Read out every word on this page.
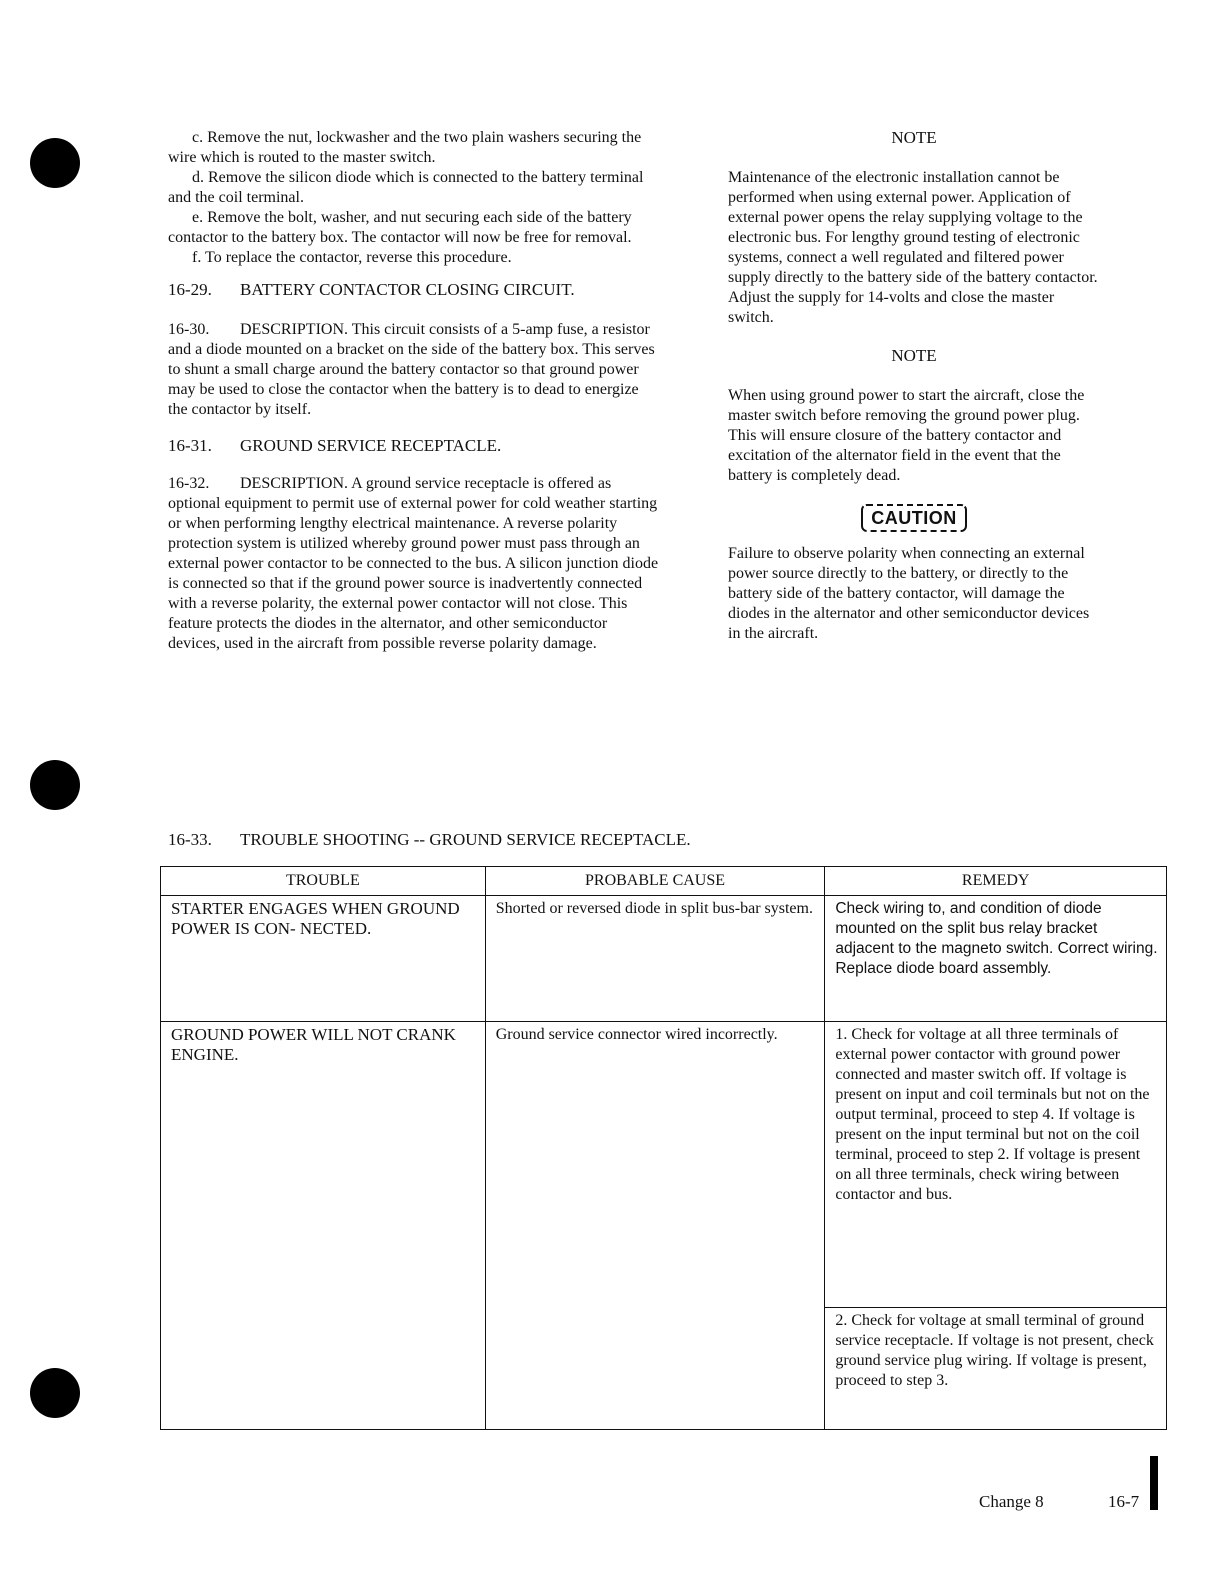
c. Remove the nut, lockwasher and the two plain washers securing the wire which is routed to the master switch.

d. Remove the silicon diode which is connected to the battery terminal and the coil terminal.

e. Remove the bolt, washer, and nut securing each side of the battery contactor to the battery box. The contactor will now be free for removal.

f. To replace the contactor, reverse this procedure.

16-29. BATTERY CONTACTOR CLOSING CIRCUIT.

16-30. DESCRIPTION. This circuit consists of a 5-amp fuse, a resistor and a diode mounted on a bracket on the side of the battery box. This serves to shunt a small charge around the battery contactor so that ground power may be used to close the contactor when the battery is to dead to energize the contactor by itself.

16-31. GROUND SERVICE RECEPTACLE.

16-32. DESCRIPTION. A ground service receptacle is offered as optional equipment to permit use of external power for cold weather starting or when performing lengthy electrical maintenance. A reverse polarity protection system is utilized whereby ground power must pass through an external power contactor to be connected to the bus. A silicon junction diode is connected so that if the ground power source is inadvertently connected with a reverse polarity, the external power contactor will not close. This feature protects the diodes in the alternator, and other semiconductor devices, used in the aircraft from possible reverse polarity damage.

NOTE

Maintenance of the electronic installation cannot be performed when using external power. Application of external power opens the relay supplying voltage to the electronic bus. For lengthy ground testing of electronic systems, connect a well regulated and filtered power supply directly to the battery side of the battery contactor. Adjust the supply for 14-volts and close the master switch.

NOTE

When using ground power to start the aircraft, close the master switch before removing the ground power plug. This will ensure closure of the battery contactor and excitation of the alternator field in the event that the battery is completely dead.

CAUTION

Failure to observe polarity when connecting an external power source directly to the battery, or directly to the battery side of the battery contactor, will damage the diodes in the alternator and other semiconductor devices in the aircraft.

16-33. TROUBLE SHOOTING -- GROUND SERVICE RECEPTACLE.

TROUBLE	PROBABLE CAUSE	REMEDY
STARTER ENGAGES WHEN GROUND POWER IS CON- NECTED.	Shorted or reversed diode in split bus-bar system.	Check wiring to, and condition of diode mounted on the split bus relay bracket adjacent to the magneto switch. Correct wiring. Replace diode board assembly.
GROUND POWER WILL NOT CRANK ENGINE.	Ground service connector wired incorrectly.	1. Check for voltage at all three terminals of external power contactor with ground power connected and master switch off. If voltage is present on input and coil terminals but not on the output terminal, proceed to step 4. If voltage is present on the input terminal but not on the coil terminal, proceed to step 2. If voltage is present on all three terminals, check wiring between contactor and bus.
		2. Check for voltage at small terminal of ground service receptacle. If voltage is not present, check ground service plug wiring. If voltage is present, proceed to step 3.
Change 8	16-7
